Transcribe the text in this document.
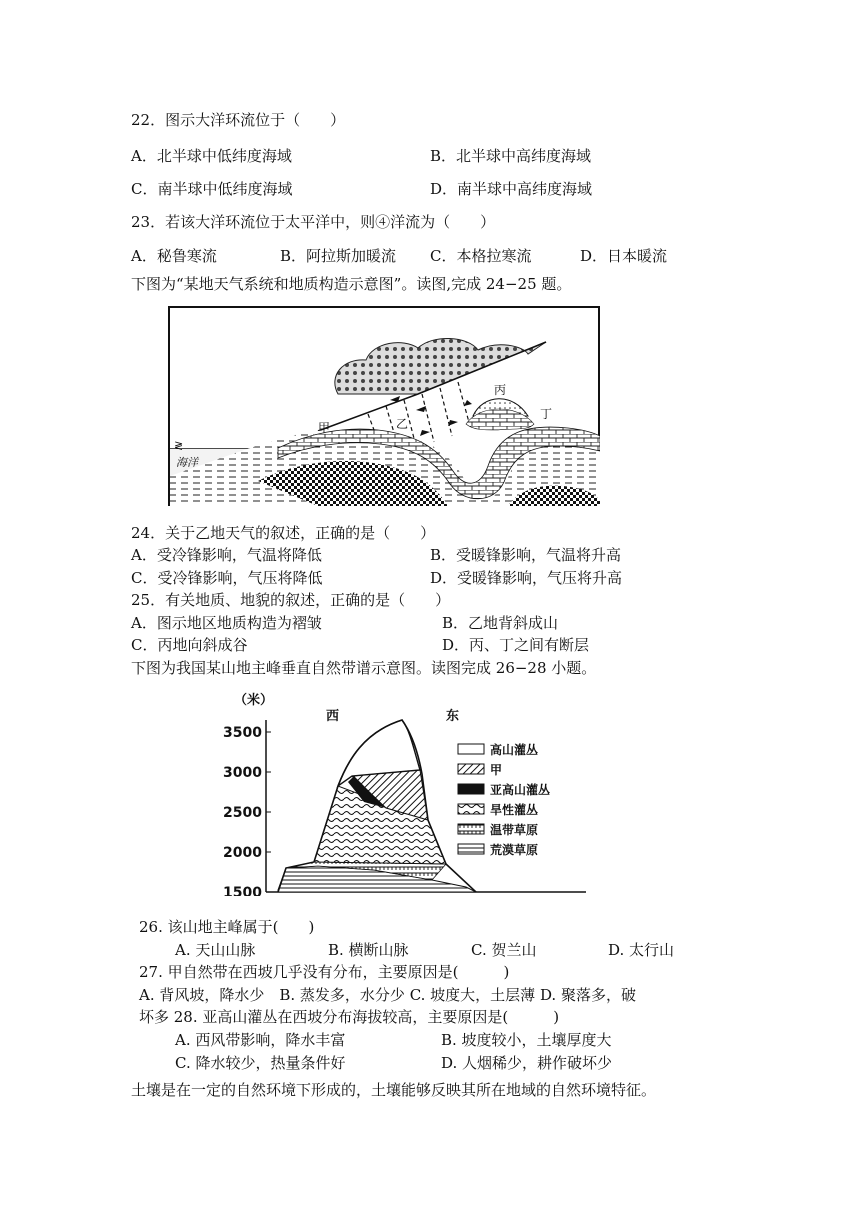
22．图示大洋环流位于（　　）
A．北半球中低纬度海域	B．北半球中高纬度海域
C．南半球中低纬度海域	D．南半球中高纬度海域
23．若该大洋环流位于太平洋中，则④洋流为（　　）
A．秘鲁寒流	B．阿拉斯加暖流 C．本格拉寒流	D．日本暖流
下图为“某地天气系统和地质构造示意图”。读图,完成 24−25 题。
甲	乙
丙
丁
≷
海洋
24．关于乙地天气的叙述，正确的是（　　）
A．受冷锋影响，气温将降低	B．受暖锋影响，气温将升高
C．受冷锋影响，气压将降低	D．受暖锋影响，气压将升高
25．有关地质、地貌的叙述，正确的是（　　）
A．图示地区地质构造为褶皱	B．乙地背斜成山
C．丙地向斜成谷	D．丙、丁之间有断层
下图为我国某山地主峰垂直自然带谱示意图。读图完成 26−28 小题。
（米）
3500
3000
2500
2000
1500
西	东
高山灌丛
甲
亚高山灌丛
旱性灌丛
温带草原
荒漠草原
26. 该山地主峰属于(　　)
A. 天山山脉	B. 横断山脉	C. 贺兰山	D. 太行山
27. 甲自然带在西坡几乎没有分布，主要原因是(　　　)
A. 背风坡，降水少　B. 蒸发多，水分少 C. 坡度大，土层薄 D. 聚落多，破
坏多 28. 亚高山灌丛在西坡分布海拔较高，主要原因是(　　　)
A. 西风带影响，降水丰富	B. 坡度较小，土壤厚度大
C. 降水较少，热量条件好	D. 人烟稀少，耕作破坏少
土壤是在一定的自然环境下形成的，土壤能够反映其所在地域的自然环境特征。
